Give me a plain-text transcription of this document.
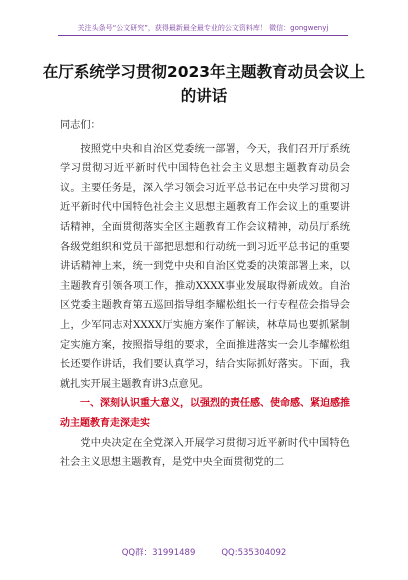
关注头条号“公文研究”，获得最新最全最专业的公文资料库！ 微信：gongwenyj
在厅系统学习贯彻2023年主题教育动员会议上的讲话

同志们：

按照党中央和自治区党委统一部署，今天，我们召开厅系统学习贯彻习近平新时代中国特色社会主义思想主题教育动员会议。主要任务是，深入学习领会习近平总书记在中央学习贯彻习近平新时代中国特色社会主义思想主题教育工作会议上的重要讲话精神，全面贯彻落实全区主题教育工作会议精神，动员厅系统各级党组织和党员干部把思想和行动统一到习近平总书记的重要讲话精神上来，统一到党中央和自治区党委的决策部署上来，以主题教育引领各项工作，推动XXXX事业发展取得新成效。自治区党委主题教育第五巡回指导组李耀松组长一行专程莅会指导会上，少军同志对XXXX厅实施方案作了解读，林草局也要抓紧制定实施方案，按照指导组的要求，全面推进落实一会儿李耀松组长还要作讲话，我们要认真学习，结合实际抓好落实。下面，我就扎实开展主题教育讲3点意见。

一、深刻认识重大意义，以强烈的责任感、使命感、紧迫感推动主题教育走深走实

党中央决定在全党深入开展学习贯彻习近平新时代中国特色社会主义思想主题教育，是党中央全面贯彻党的二

QQ群：31991489	QQ:535304092
